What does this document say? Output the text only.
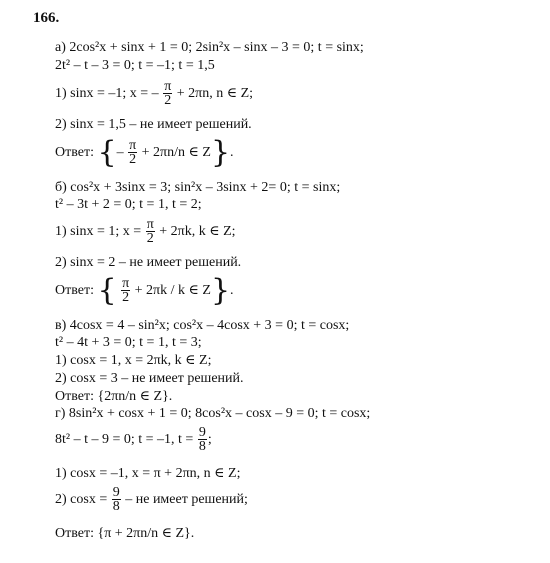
166.
а) 2cos²x + sinx + 1 = 0; 2sin²x – sinx – 3 = 0; t = sinx;
2t² – t – 3 = 0; t = –1; t = 1,5
1) sinx = –1; x = – $\frac{\pi}{2} + 2\pi n$, n ∈ Z;
2) sinx = 1,5 – не имеет решений.
Ответ: {– $\frac{\pi}{2} + 2\pi n/n$ ∈ Z}.
б) cos²x + 3sinx = 3; sin²x – 3sinx + 2= 0; t = sinx;
t² – 3t + 2 = 0; t = 1, t = 2;
1) sinx = 1; $x = \frac{\pi}{2} + 2\pi k$, k ∈ Z;
2) sinx = 2 – не имеет решений.
Ответ: { $\frac{\pi}{2} + 2\pi k / k$ ∈ Z}.
в) 4cosx = 4 – sin²x; cos²x – 4cosx + 3 = 0; t = cosx;
t² – 4t + 3 = 0; t = 1, t = 3;
1) cosx = 1, x = 2πk, k ∈ Z;
2) cosx = 3 – не имеет решений.
Ответ: {2πn/n ∈ Z}.
г) 8sin²x + cosx + 1 = 0; 8cos²x – cosx – 9 = 0; t = cosx;
8t² – t – 9 = 0; t = –1, $t = \frac{9}{8}$ ;
1) cosx = –1, x = π + 2πn, n ∈ Z;
2) $\cos x = \frac{9}{8}$ – не имеет решений;
Ответ: {π + 2πn/n ∈ Z}.
